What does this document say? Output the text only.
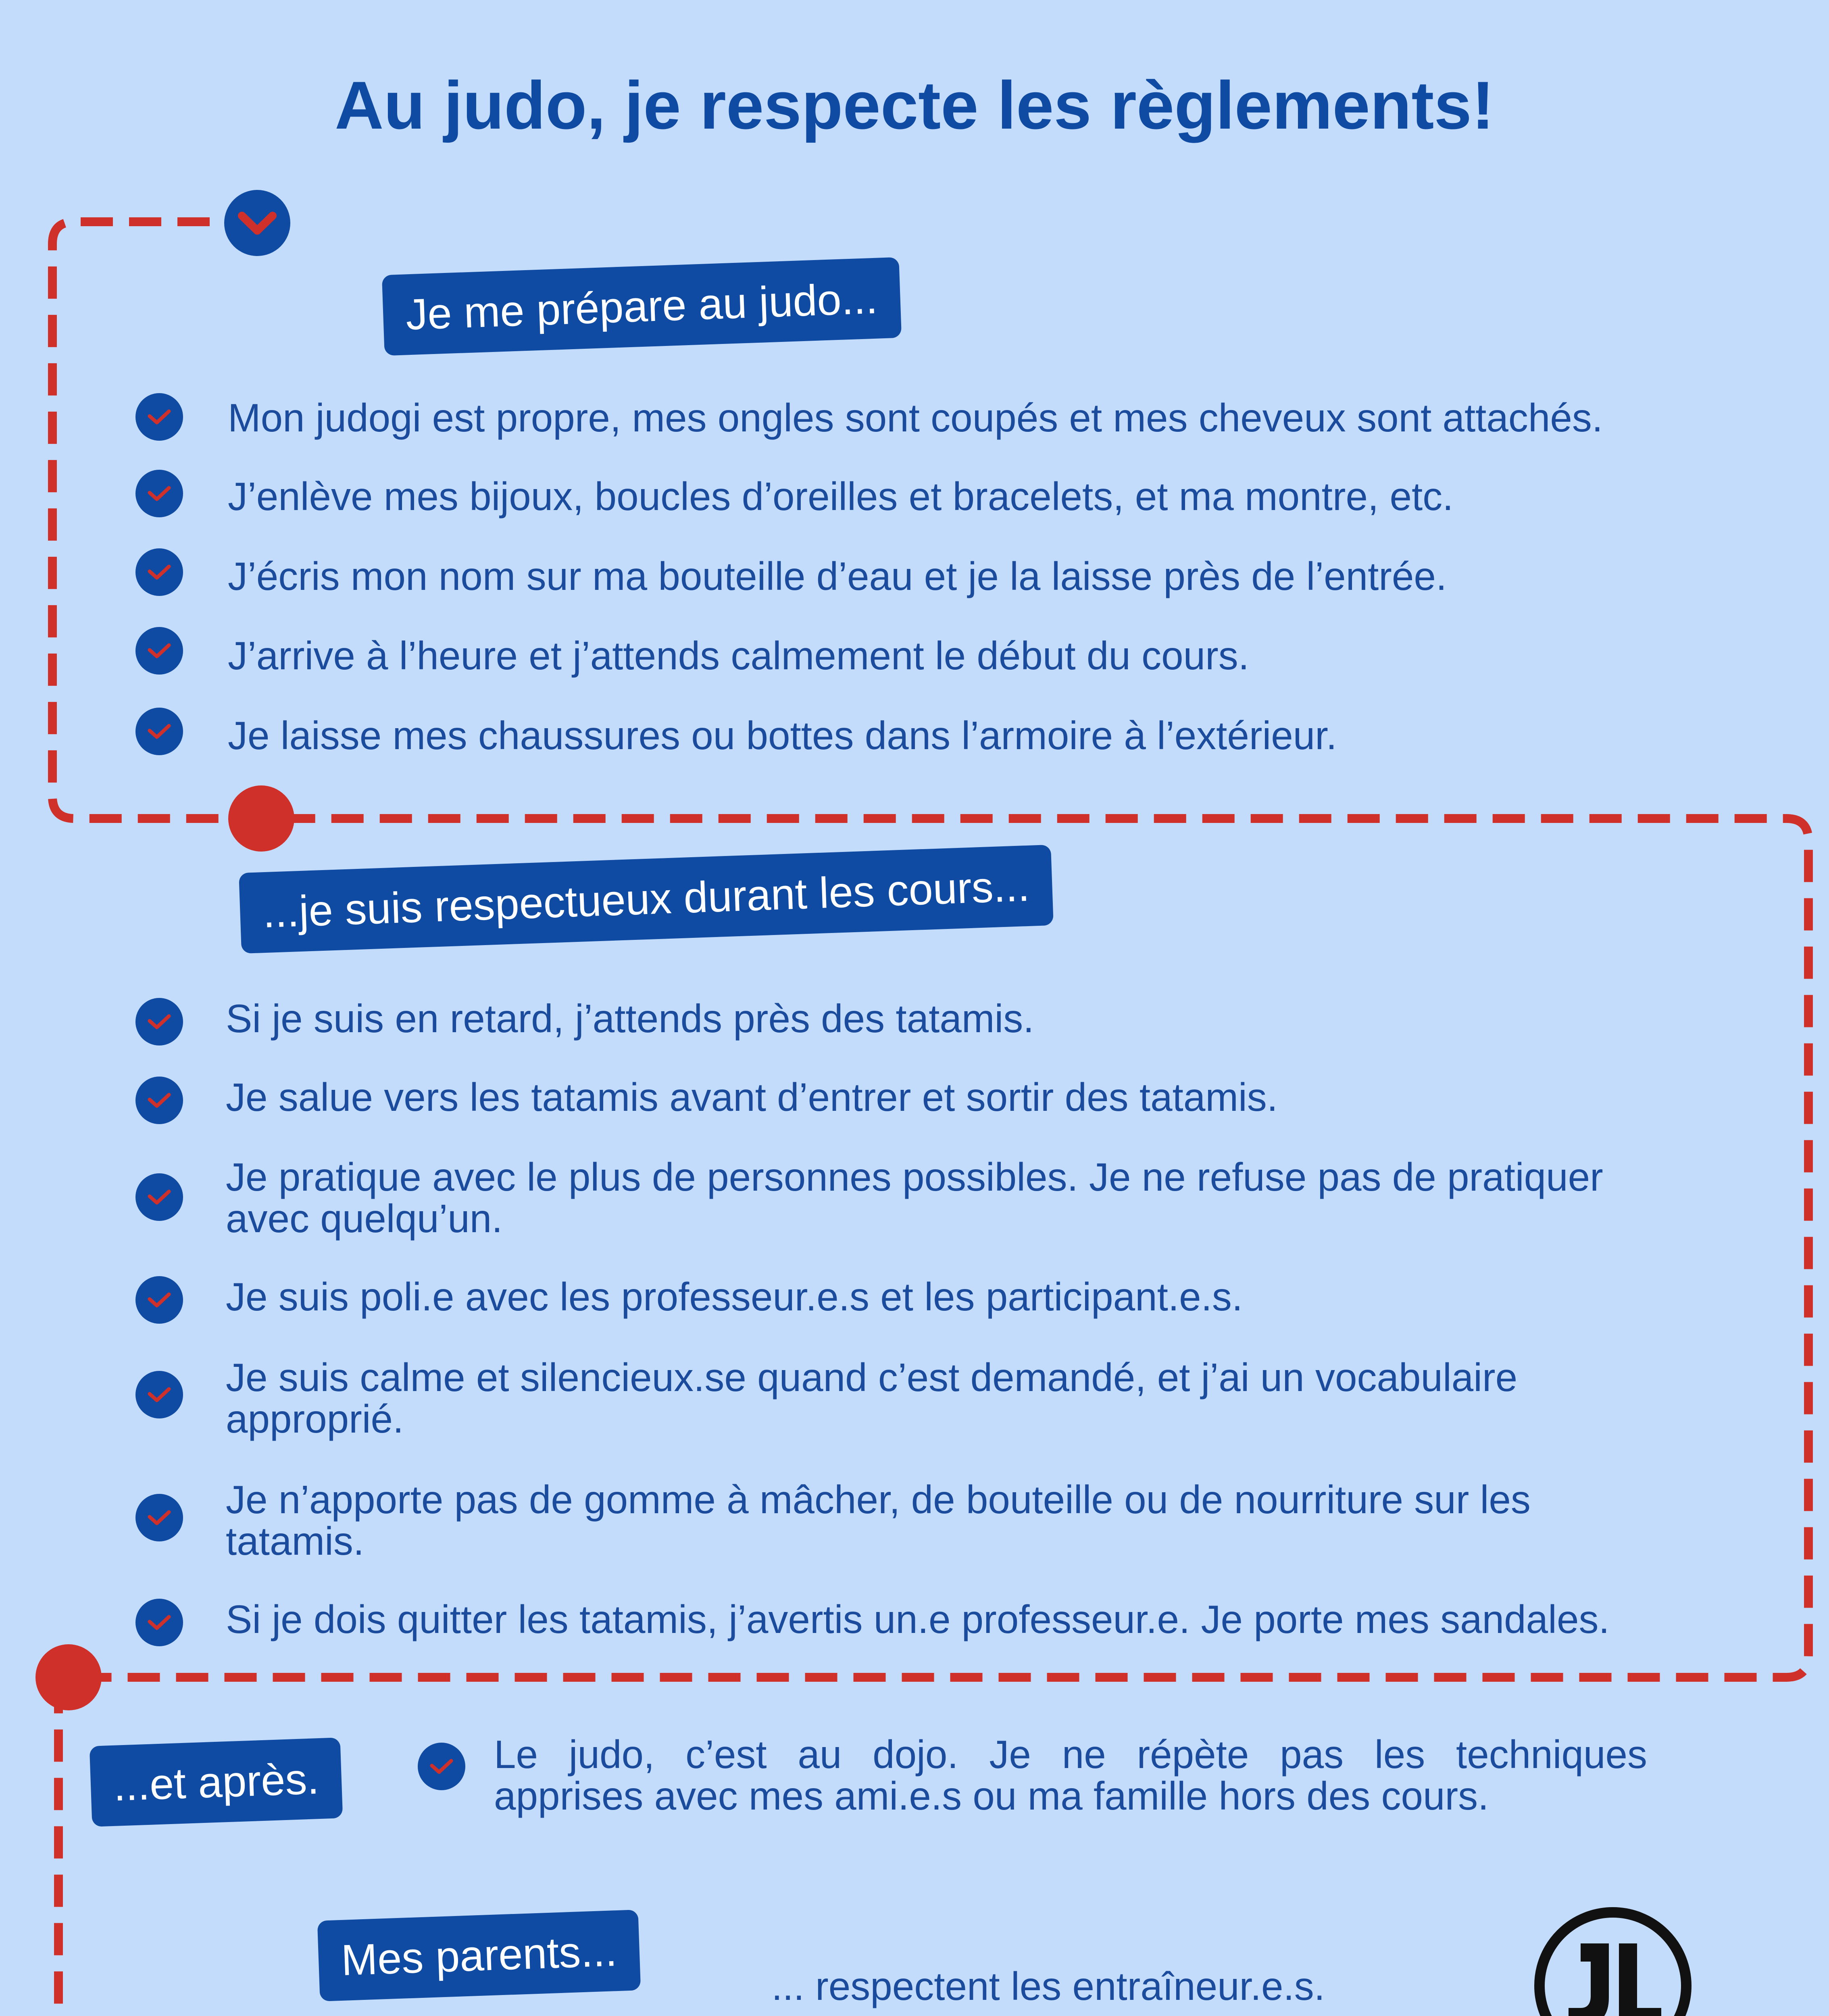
Au judo, je respecte les règlements!
Je me prépare au judo...
Mon judogi est propre, mes ongles sont coupés et mes cheveux sont attachés.
J’enlève mes bijoux, boucles d’oreilles et bracelets, et ma montre, etc.
J’écris mon nom sur ma bouteille d’eau et je la laisse près de l’entrée.
J’arrive à l’heure et j’attends calmement le début du cours.
Je laisse mes chaussures ou bottes dans l’armoire à l’extérieur.
...je suis respectueux durant les cours...
Si je suis en retard, j’attends près des tatamis.
Je salue vers les tatamis avant d’entrer et sortir des tatamis.
Je pratique avec le plus de personnes possibles. Je ne refuse pas de pratiquer
avec quelqu’un.
Je suis poli.e avec les professeur.e.s et les participant.e.s.
Je suis calme et silencieux.se quand c’est demandé, et j’ai un vocabulaire
approprié.
Je n’apporte pas de gomme à mâcher, de bouteille ou de nourriture sur les
tatamis.
Si je dois quitter les tatamis, j’avertis un.e professeur.e. Je porte mes sandales.
...et après.	Le judo, c’est au dojo. Je ne répète pas les techniques
apprises avec mes ami.e.s ou ma famille hors des cours.
Mes parents...
... respectent les entraîneur.e.s.
